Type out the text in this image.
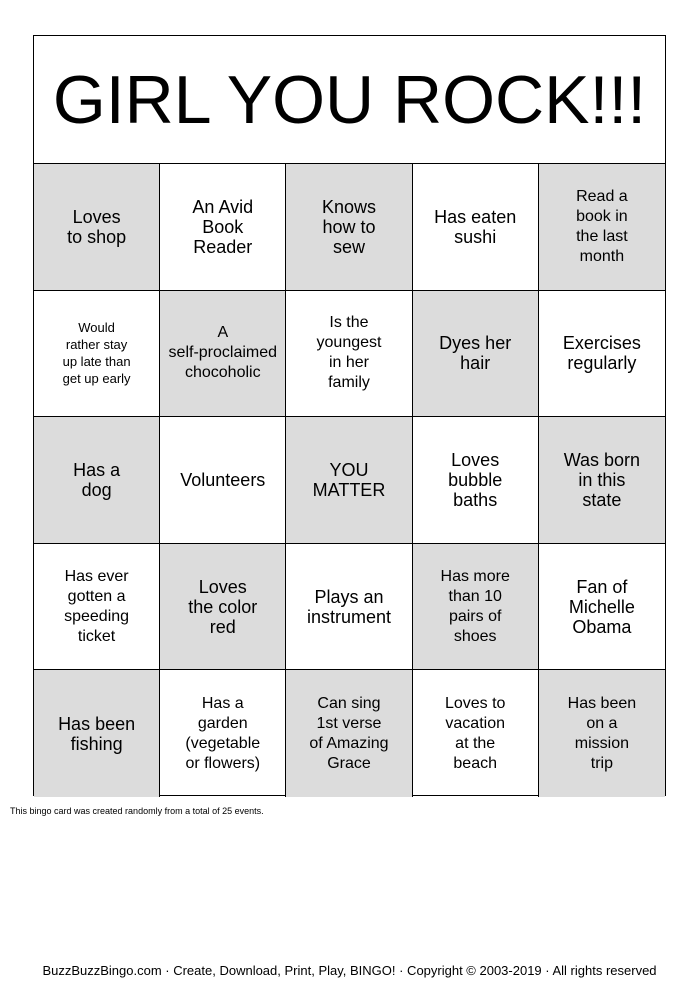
GIRL YOU ROCK!!!
Loves
to shop
An Avid
Book
Reader
Knows
how to
sew
Has eaten
sushi
Read a
book in
the last
month
Would
rather stay
up late than
get up early
A
self-proclaimed
chocoholic
Is the
youngest
in her
family
Dyes her
hair
Exercises
regularly
Has a
dog	Volunteers	YOU
MATTER
Loves
bubble
baths
Was born
in this
state
Has ever
gotten a
speeding
ticket
Loves
the color
red
Plays an
instrument
Has more
than 10
pairs of
shoes
Fan of
Michelle
Obama
Has been
fishing
Has a
garden
(vegetable
or flowers)
Can sing
1st verse
of Amazing
Grace
Loves to
vacation
at the
beach
Has been
on a
mission
trip
This bingo card was created randomly from a total of 25 events.
BuzzBuzzBingo.com · Create, Download, Print, Play, BINGO! · Copyright © 2003-2019 · All rights reserved
